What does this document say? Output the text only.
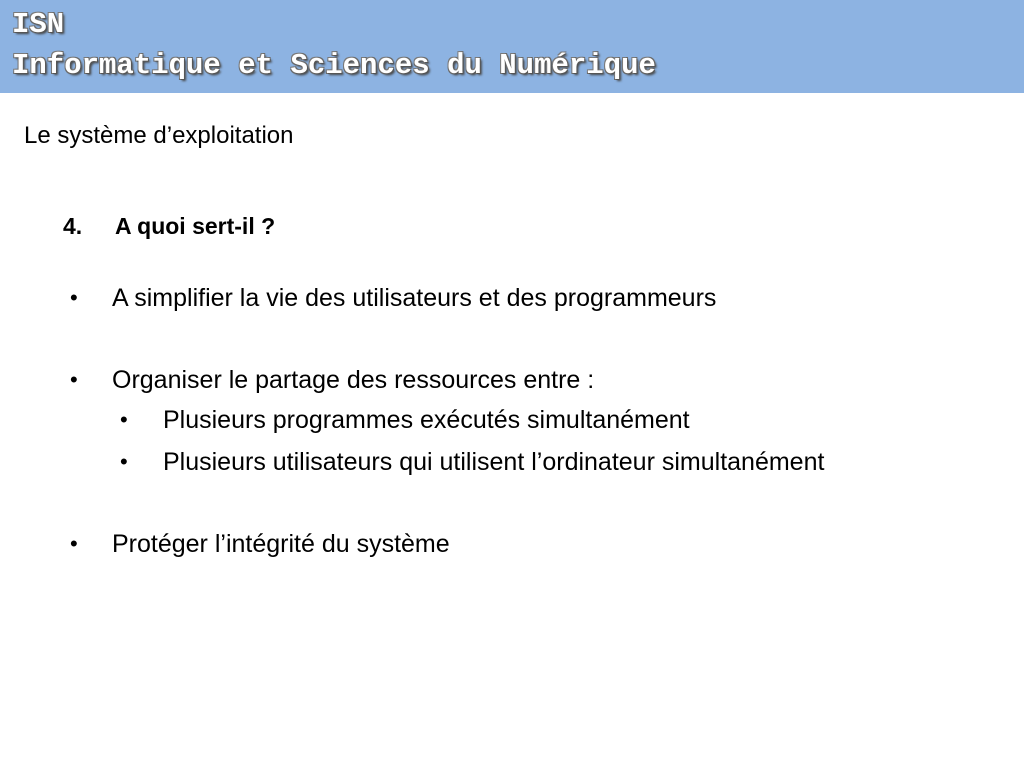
ISN
Informatique et Sciences du Numérique
Le système d’exploitation
4. A quoi sert-il ?
• A simplifier la vie des utilisateurs et des programmeurs
• Organiser le partage des ressources entre :
• Plusieurs programmes exécutés simultanément
• Plusieurs utilisateurs qui utilisent l’ordinateur simultanément
• Protéger l’intégrité du système
